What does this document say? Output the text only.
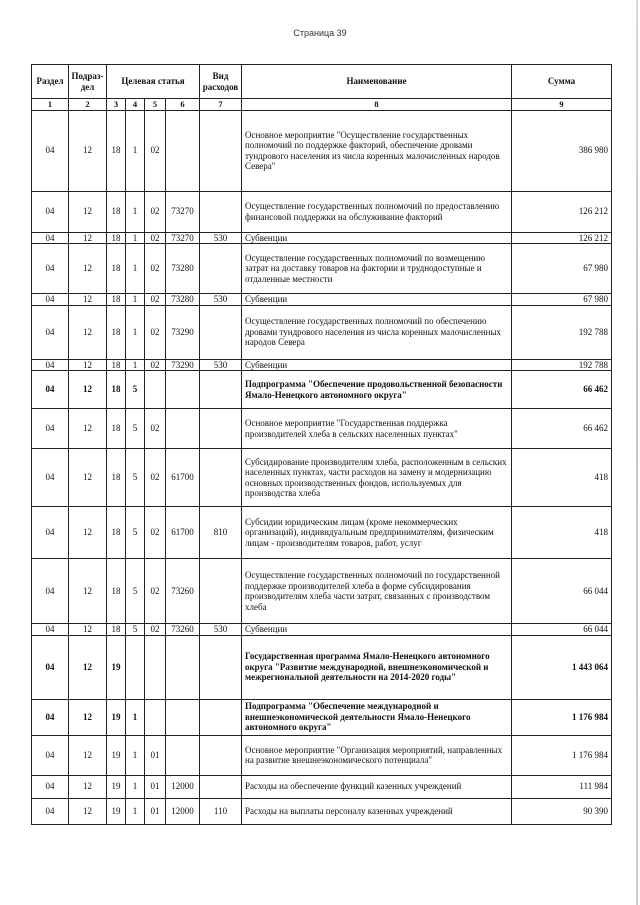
Страница 39
Раздел	Подраз-дел	Целевая статья				Вид расходов	Наименование	Сумма
1	2	3	4	5	6	7	8	9
04	12	18	1	02			Основное мероприятие "Осуществление государственных полномочий по поддержке факторий, обеспечение дровами тундрового населения из числа коренных малочисленных народов Севера"	386 980
04	12	18	1	02	73270		Осуществление государственных полномочий по предоставлению финансовой поддержки на обслуживание факторий	126 212
04	12	18	1	02	73270	530	Субвенции	126 212
04	12	18	1	02	73280		Осуществление государственных полномочий по возмещению затрат на доставку товаров на фактории и труднодоступные и отдаленные местности	67 980
04	12	18	1	02	73280	530	Субвенции	67 980
04	12	18	1	02	73290		Осуществление государственных полномочий по обеспечению дровами тундрового населения из числа коренных малочисленных народов Севера	192 788
04	12	18	1	02	73290	530	Субвенции	192 788
04	12	18	5				Подпрограмма "Обеспечение продовольственной безопасности Ямало-Ненецкого автономного округа"	66 462
04	12	18	5	02			Основное мероприятие "Государственная поддержка производителей хлеба в сельских населенных пунктах"	66 462
04	12	18	5	02	61700		Субсидирование производителям хлеба, расположенным в сельских населенных пунктах, части расходов на замену и модернизацию основных производственных фондов, используемых для производства хлеба	418
04	12	18	5	02	61700	810	Субсидии юридическим лицам (кроме некоммерческих организаций), индивидуальным предпринимателям, физическим лицам - производителям товаров, работ, услуг	418
04	12	18	5	02	73260		Осуществление государственных полномочий по государственной поддержке производителей хлеба в форме субсидирования производителям хлеба части затрат, связанных с производством хлеба	66 044
04	12	18	5	02	73260	530	Субвенции	66 044
04	12	19					Государственная программа Ямало-Ненецкого автономного округа "Развитие международной, внешнеэкономической и межрегиональной деятельности на 2014-2020 годы"	1 443 064
04	12	19	1				Подпрограмма "Обеспечение международной и внешнеэкономической деятельности Ямало-Ненецкого автономного округа"	1 176 984
04	12	19	1	01			Основное мероприятие "Организация мероприятий, направленных на развитие внешнеэкономического потенциала"	1 176 984
04	12	19	1	01	12000		Расходы на обеспечение функций казенных учреждений	111 984
04	12	19	1	01	12000	110	Расходы на выплаты персоналу казенных учреждений	90 390
